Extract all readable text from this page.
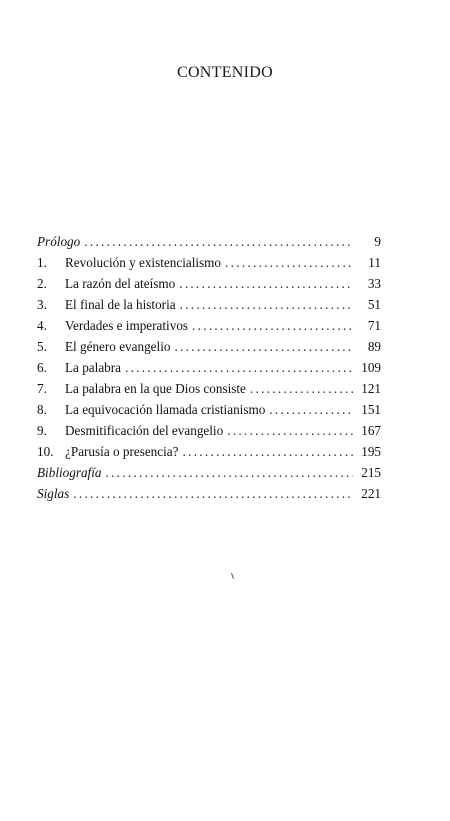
CONTENIDO
Prólogo . . .	9
1.	Revolución y existencialismo . . .	11
2.	La razón del ateísmo . . .	33
3.	El final de la historia . . .	51
4.	Verdades e imperativos . . .	71
5.	El género evangelio . . .	89
6.	La palabra . . .	109
7.	La palabra en la que Dios consiste . . .	121
8.	La equivocación llamada cristianismo . . .	151
9.	Desmitificación del evangelio . . .	167
10. ¿Parusía o presencia? . . .	195
Bibliografía . . .	215
Siglas . . .	221
